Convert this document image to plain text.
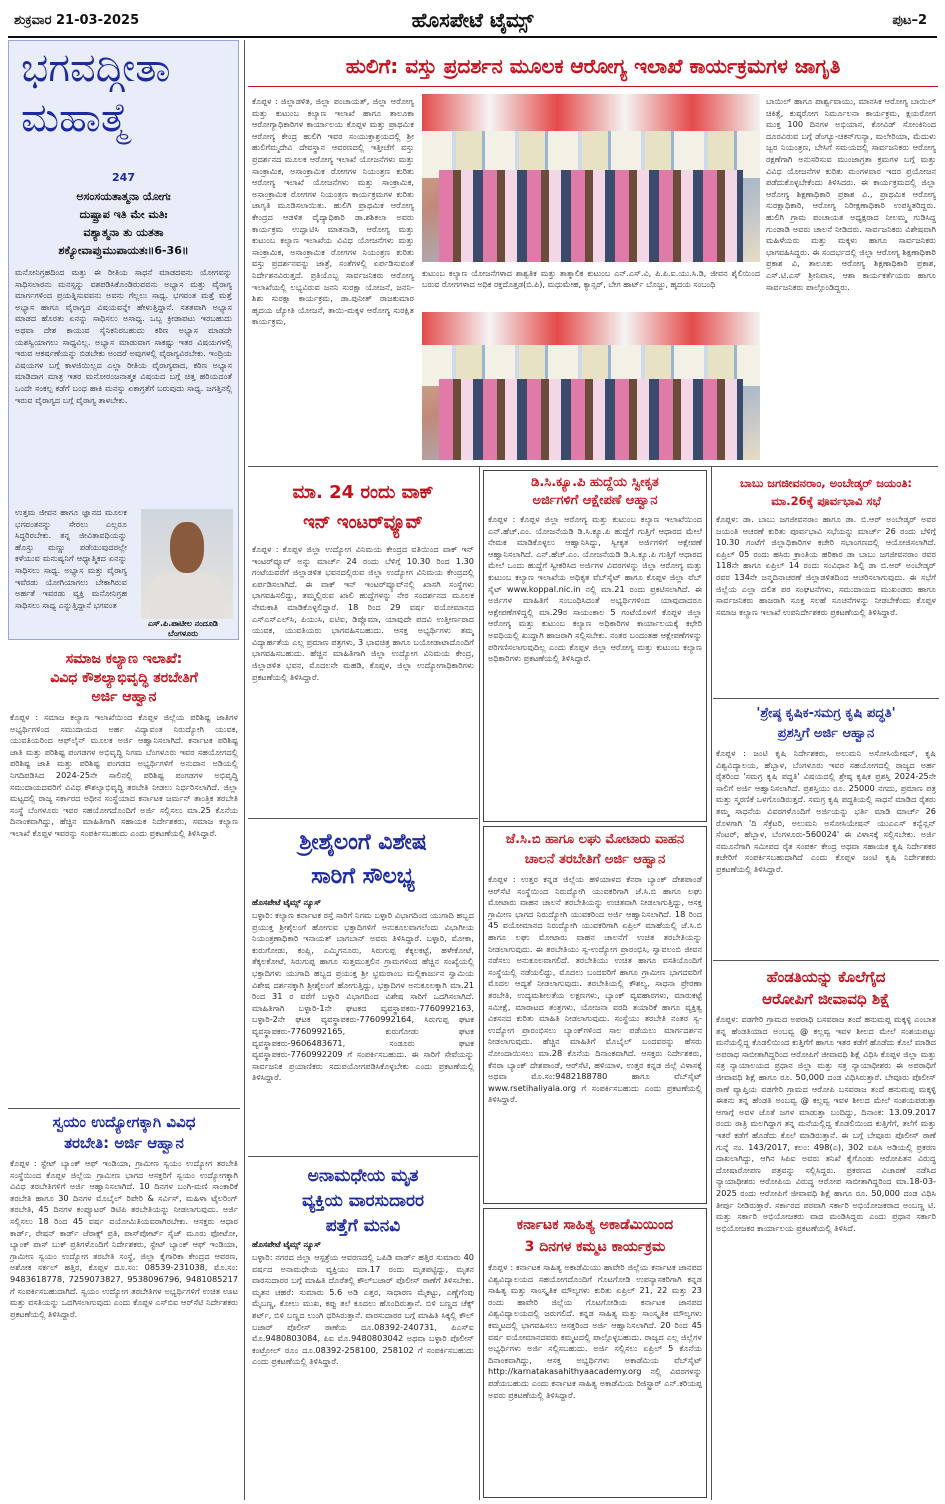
ಶುಕ್ರವಾರ 21-03-2025	ಹೊಸಪೇಟೆ ಟೈಮ್ಸ್	ಪುಟ–2
ಭಗವದ್ಗೀತಾ
ಮಹಾತ್ಮೆ
247
ಅಸಂಸಯತಾತ್ಮನಾ ಯೋಗಃ
ದುಷ್ಪ್ರಾಪ ಇತಿ ಮೇ ಮತಿಃ
ವಶ್ಯಾತ್ಮನಾ ತು ಯತತಾ
ಶಕ್ಯೋವಾಪ್ತುಮುಪಾಯತಃ॥6-36॥
ಮನೋನಿಗ್ರಹದಿಂದ ಮತ್ತು ಈ ರೀತಿಯ ಸಾಧನೆ ಮಾಡದವನು ಯೋಗವನ್ನು ಸಾಧಿಸಲಾರನು ಮನಸ್ಸನ್ನು ವಶಪಡಿಸಿಕೊಂಡಿರುವವನು ಅಭ್ಯಾಸ ಮತ್ತು ವೈರಾಗ್ಯ ಮಾರ್ಗಗಳಿಂದ ಪ್ರಯತ್ನಿಸುವವನು ಅವನು ಗೆಲ್ಲಲು ಸಾಧ್ಯ. ಭಗವಂತ ಮತ್ತೆ ಮತ್ತೆ ಅಭ್ಯಾಸ ಹಾಗೂ ವೈರಾಗ್ಯದ ವಿಷಯವನ್ನೇ ಹೇಳುತ್ತಿದ್ದಾನೆ. ಸತತವಾಗಿ ಅಭ್ಯಾಸ ಮಾಡದ ಹೊರತು ಏನನ್ನು ಸಾಧಿಸಲು ಅಸಾಧ್ಯ. ಒಬ್ಬ ಕ್ರೀಡಾಪಟು ಇರಬಹುದು ಅಥವಾ ದೇಶ ಕಾಯುವ ಸೈನಿಕನಿರಬಹುದು ಕಠಿಣ ಅಭ್ಯಾಸ ಮಾಡದೇ ಯಶಸ್ವಿಯಾಗಲು ಸಾಧ್ಯವಿಲ್ಲ. ಅಭ್ಯಾಸ ಮಾಡುವಾಗ ಸಾಕಷ್ಟು ಇತರ ವಿಷಯಗಳಲ್ಲಿ ಇರುವ ಆಕರ್ಷಣೆಯನ್ನು ಬಿಡಬೇಕು ಅಂದರೆ ಅವುಗಳಲ್ಲಿ ವೈರಾಗ್ಯವಿರಬೇಕು. ಇಂದ್ರಿಯ ವಿಷಯಗಳ ಬಗ್ಗೆ ಕಾಳಜಿಯಿಲ್ಲದ ಎಲ್ಲಾ ರೀತಿಯ ವೈರಾಗ್ಯವಾದ, ಕಠಿಣ ಅಭ್ಯಾಸ ಮಾಡಿದಾಗ ಮಾತ್ರ ಇತರ ಮನೋರಂಜನಾತ್ಮಕ ವಿಷಯದ ಬಗ್ಗೆ ಚಿತ್ತ ಹರಿಯದಂತೆ ಒಂದೇ ಸಂಕಲ್ಪ ಕಡೆಗೆ ಬಂಧ ಹಾಕಿ ಮನಸ್ಸು ಏಕಾಗ್ರತೆಗೆ ಬರುವುದು ಸಾಧ್ಯ. ಜಗತ್ತಿನಲ್ಲಿ ಇರುವ ವೈರಾಗ್ಯದ ಬಗ್ಗೆ ವೈರಾಗ್ಯ ತಾಳಬೇಕು.
ಉತ್ತಮ ಜೀವನ ಹಾಗೂ ಜ್ಞಾನದ ಮೂಲಕ ಭಗವಂತನನ್ನು ಸೇರಲು ಎಲ್ಲರೂ ಸಿದ್ಧರಿರಬೇಕು. ತನ್ನ ಜೀವಿತಾವಧಿಯನ್ನು ಹೊಸ್ತು ಮಣ್ಣು ಪಡೆಯುವುದರಲ್ಲೇ ಕಳೆಯುವ ಮನುಷ್ಯನಿಗೆ ಆಧ್ಯಾತ್ಮಿಕದ ಏನನ್ನು ಸಾಧಿಸಲು ಸಾಧ್ಯ. ಅಭ್ಯಾಸ ಮತ್ತು ವೈರಾಗ್ಯ ಇವೆರಡು ಯೋಗಿಯಾಗಲು ಬೇಕಾಗಿರುವ ಅರ್ಹತೆ ಇವರಡು ವ್ಯಕ್ತಿ ಮನೋನಿಗ್ರಹ ಸಾಧಿಸಲು ಸಾಧ್ಯ ಎನ್ನುತ್ತಿದ್ದಾನೆ ಭಗವಂತ
ಎಸ್.ಪಿ.ಪಾಟೀಲ ನಂದೂಡಿ
ಬೆಂಗಳೂರು
ಸಮಾಜ ಕಲ್ಯಾಣ ಇಲಾಖೆ:
ವಿವಿಧ ಕೌಶಲ್ಯಾಭಿವೃದ್ಧಿ ತರಬೇತಿಗೆ
ಅರ್ಜಿ ಆಹ್ವಾನ
ಕೊಪ್ಪಳ : ಸಮಾಜ ಕಲ್ಯಾಣ ಇಲಾಖೆಯಿಂದ ಕೊಪ್ಪಳ ಜಿಲ್ಲೆಯ ಪರಿಶಿಷ್ಟ ಜಾತಿಗಳ ಅಭ್ಯರ್ಥಿಗಳಿಂದ ಸಮುದಾಯದ ಅರ್ಹ ವಿದ್ಯಾವಂತ ನಿರುದ್ಯೋಗಿ ಯುವಕ, ಯುವತಿಯರಿಂದ ಆಫ್‌ಲೈನ್ ಮೂಲಕ ಅರ್ಜಿ ಆಹ್ವಾನಿಸಲಾಗಿದೆ. ಕರ್ನಾಟಕ ಪರಿಶಿಷ್ಟ ಜಾತಿ ಮತ್ತು ಪರಿಶಿಷ್ಟ ಪಂಗಡಗಳ ಅಭಿವೃದ್ಧಿ ನಿಗಮ ಬೆಂಗಳೂರು ಇವರ ಸಹಯೋಗದಲ್ಲಿ ಪರಿಶಿಷ್ಟ ಜಾತಿ ಮತ್ತು ಪರಿಶಿಷ್ಟ ಪಂಗಡದ ಅಭ್ಯರ್ಥಿಗಳಿಗೆ ಅನುದಾನ ಅಡಿಯಲ್ಲಿ ನಿಗದಿಪಡಿಸಿದ 2024-25ನೇ ಸಾಲಿನಲ್ಲಿ ಪರಿಶಿಷ್ಟ ಪಂಗಡಗಳ ಅಭಿವೃದ್ಧಿ ಸಮುದಾಯದವರಿಗೆ ವಿವಿಧ ಕೌಶಲ್ಯಾಭಿವೃದ್ಧಿ ತರಬೇತಿ ನೀಡಲು ನಿರ್ಧರಿಸಲಾಗಿದೆ. ಜಿಲ್ಲಾ ಮಟ್ಟದಲ್ಲಿ ರಾಜ್ಯ ಸರ್ಕಾರದ ಅಧೀನ ಸಂಸ್ಥೆಯಾದ ಕರ್ನಾಟಕ ಜರ್ಮನ್ ತಾಂತ್ರಿಕ ತರಬೇತಿ ಸಂಸ್ಥೆ ಬೆಂಗಳೂರು ಇವರ ಸಹಯೋಗದೊಂದಿಗೆ ಅರ್ಜಿ ಸಲ್ಲಿಸಲು ಮಾ.25 ಕೊನೆಯ ದಿನಾಂಕವಾಗಿದ್ದು, ಹೆಚ್ಚಿನ ಮಾಹಿತಿಗಾಗಿ ಸಹಾಯಕ ನಿರ್ದೇಶಕರು, ಸಮಾಜ ಕಲ್ಯಾಣ ಇಲಾಖೆ ಕೊಪ್ಪಳ ಇವರನ್ನು ಸಂಪರ್ಕಿಸಬಹುದು ಎಂದು ಪ್ರಕಟಣೆಯಲ್ಲಿ ತಿಳಿಸಿದ್ದಾರೆ.
ಸ್ವಯಂ ಉದ್ಯೋಗಕ್ಕಾಗಿ ವಿವಿಧ
ತರಬೇತಿ: ಅರ್ಜಿ ಆಹ್ವಾನ
ಕೊಪ್ಪಳ : ಸ್ಟೇಟ್ ಬ್ಯಾಂಕ್ ಆಫ್ ಇಂಡಿಯಾ, ಗ್ರಾಮೀಣ ಸ್ವಯಂ ಉದ್ಯೋಗ ತರಬೇತಿ ಸಂಸ್ಥೆಯಿಂದ ಕೊಪ್ಪಳ ಜಿಲ್ಲೆಯ ಗ್ರಾಮೀಣ ಭಾಗದ ಆಸಕ್ತರಿಗೆ ಸ್ವಯಂ ಉದ್ಯೋಗಕ್ಕಾಗಿ ವಿವಿಧ ತರಬೇತಿಗಳಿಗೆ ಅರ್ಜಿ ಆಹ್ವಾನಿಸಲಾಗಿದೆ. 10 ದಿನಗಳ ಬಂಗಿ-ಮಣಿ ಸಾಂಕಾರಿಕೆ ತರಬೇತಿ ಹಾಗೂ 30 ದಿನಗಳ ಮೊಬೈಲ್ ರಿಪೇರಿ & ಸರ್ವಿಸ್, ಮಹಿಳಾ ಟೈಲರಿಂಗ್ ತರಬೇತಿ, 45 ದಿನಗಳ ಕಂಪ್ಯೂಟರ್ ಡಿಟಿಪಿ ತರಬೇತಿಯನ್ನು ನೀಡಲಾಗುವುದು. ಅರ್ಜಿ ಸಲ್ಲಿಸಲು 18 ರಿಂದ 45 ವರ್ಷ ವಯೋಮಿತಿಯವರಾಗಿರಬೇಕು. ಆಸಕ್ತರು ಆಧಾರ ಕಾರ್ಡ್, ರೇಷನ್ ಕಾರ್ಡ್ ಜೆರಾಕ್ಸ್ ಪ್ರತಿ, ಪಾಸ್‌ಪೋರ್ಟ್ ಸೈಜ್ ಮೂರು ಫೋಟೋ, ಬ್ಯಾಂಕ್ ಪಾಸ್ ಬುಕ್ ಪ್ರತಿಗಳೊಂದಿಗೆ ನಿರ್ದೇಶಕರು, ಸ್ಟೇಟ್ ಬ್ಯಾಂಕ್ ಆಫ್ ಇಂಡಿಯಾ, ಗ್ರಾಮೀಣ ಸ್ವಯಂ ಉದ್ಯೋಗ ತರಬೇತಿ ಸಂಸ್ಥೆ, ಜಿಲ್ಲಾ ಕೈಗಾರಿಕಾ ಕೇಂದ್ರದ ಆವರಣ, ಅಶೋಕ ಸರ್ಕಲ್ ಹತ್ತಿರ, ಕೊಪ್ಪಳ ದೂ.ಸಂ: 08539-231038, ಮೊ.ಸಂ: 9483618778, 7259073827, 9538096796, 9481085217 ಗೆ ಸಂಪರ್ಕಿಸಬಹುದಾಗಿದೆ. ಸ್ವಯಂ ಉದ್ಯೋಗ ತರಬೇತಿಗಳ ಅಭ್ಯರ್ಥಿಗಳಿಗೆ ಉಚಿತ ಊಟ ಮತ್ತು ವಸತಿಯನ್ನು ಒದಗಿಸಲಾಗುವುದು ಎಂದು ಕೊಪ್ಪಳ ಎಸ್‌ಬಿಐ ಆರ್‌ಸೆಟಿ ನಿರ್ದೇಶಕರು ಪ್ರಕಟಣೆಯಲ್ಲಿ ತಿಳಿಸಿದ್ದಾರೆ.
ಹುಲಿಗೆ: ವಸ್ತು ಪ್ರದರ್ಶನ ಮೂಲಕ ಆರೋಗ್ಯ ಇಲಾಖೆ ಕಾರ್ಯಕ್ರಮಗಳ ಜಾಗೃತಿ
ಕೊಪ್ಪಳ : ಜಿಲ್ಲಾಡಳಿತ, ಜಿಲ್ಲಾ ಪಂಚಾಯತ್, ಜಿಲ್ಲಾ ಆರೋಗ್ಯ ಮತ್ತು ಕುಟುಂಬ ಕಲ್ಯಾಣ ಇಲಾಖೆ ಹಾಗೂ ತಾಲೂಕಾ ಆರೋಗ್ಯಾಧಿಕಾರಿಗಳ ಕಾರ್ಯಾಲಯ ಕೊಪ್ಪಳ ಮತ್ತು ಪ್ರಾಥಮಿಕ ಆರೋಗ್ಯ ಕೇಂದ್ರ ಹುಲಿಗಿ ಇವರ ಸಂಯುಕ್ತಾಶ್ರಯದಲ್ಲಿ ಶ್ರೀ ಹುಲಿಗೆಮ್ಮದೇವಿ ದೇವಸ್ಥಾನ ಆವರಣದಲ್ಲಿ ಇತ್ತೀಚೆಗೆ ವಸ್ತು ಪ್ರದರ್ಶನದ ಮೂಲಕ ಆರೋಗ್ಯ ಇಲಾಖೆ ಯೋಜನೆಗಳು ಮತ್ತು ಸಾಂಕ್ರಾಮಿಕ, ಅಸಾಂಕ್ರಾಮಿಕ ರೋಗಗಳ ನಿಯಂತ್ರಣ ಕುರಿತು ಆರೋಗ್ಯ ಇಲಾಖೆ ಯೋಜನೆಗಳು ಮತ್ತು ಸಾಂಕ್ರಾಮಿಕ, ಅಸಾಂಕ್ರಾಮಿಕ ರೋಗಗಳ ನಿಯಂತ್ರಣ ಕಾರ್ಯಕ್ರಮಗಳ ಕುರಿತು ಜಾಗೃತಿ ಮೂಡಿಸಲಾಯಿತು. ಹುಲಿಗಿ ಪ್ರಾಥಮಿಕ ಆರೋಗ್ಯ ಕೇಂದ್ರದ ಆಡಳಿತ ವೈದ್ಯಾಧಿಕಾರಿ ಡಾ.ಶಶಿಕಲಾ ಅವರು ಕಾರ್ಯಕ್ರಮ ಉದ್ಘಾಟಿಸಿ ಮಾತನಾಡಿ, ಆರೋಗ್ಯ ಮತ್ತು ಕುಟುಂಬ ಕಲ್ಯಾಣ ಇಲಾಖೆಯ ವಿವಿಧ ಯೋಜನೆಗಳು ಮತ್ತು ಸಾಂಕ್ರಾಮಿಕ, ಅಸಾಂಕ್ರಾಮಿಕ ರೋಗಗಳ ನಿಯಂತ್ರಣ ಕುರಿತು ವಸ್ತು ಪ್ರದರ್ಶನವನ್ನು ಜಾತ್ರೆ, ಸಂತೆಗಳಲ್ಲಿ ಏರ್ಪಡಿಸುವಂತೆ ನಿರ್ದೇಶನವಿರುತ್ತದೆ. ಪ್ರತಿಯೊಬ್ಬ ಸಾರ್ವಜನಿಕರು ಆರೋಗ್ಯ ಇಲಾಖೆಯಲ್ಲಿ ಲಭ್ಯವಿರುವ ಜನನಿ ಸುರಕ್ಷಾ ಯೋಜನೆ, ಜನನಿ-ಶಿಶು ಸುರಕ್ಷಾ ಕಾರ್ಯಕ್ರಮ, ಡಾ.ಪುನೀತ್ ರಾಜಕುಮಾರ ಹೃದಯ ಜ್ಯೋತಿ ಯೋಜನೆ, ತಾಯಿ-ಮಕ್ಕಳ ಆರೋಗ್ಯ ಸುರಕ್ಷಿತ ಕಾರ್ಯಕ್ರಮ,
ಕುಟುಂಬ ಕಲ್ಯಾಣ ಯೋಜನೆಗಳಾದ ಶಾಶ್ವತಿಕ ಮತ್ತು ತಾತ್ಕಾಲಿಕ ಕುಟುಂಬ ಎನ್.ಎಸ್.ವಿ, ಪಿ.ಪಿ.ಐ.ಯು.ಸಿ.ಡಿ, ಜೀವನ ಶೈಲಿಯಿಂದ ಬರುವ ರೋಗಗಳಾದ ಅಧಿಕ ರಕ್ತದೊತ್ತಡ(ಬಿ.ಪಿ), ಮಧುಮೇಹ, ಕ್ಯಾನ್ಸರ್, ಬೇಗ ಹಾರ್ಟ್ ಬೊಜ್ಜು, ಹೃದಯ ಸಂಬಂಧಿ
ಬಾಯಿಲ್ ಹಾಗೂ ಪಾರ್ಶ್ವವಾಯು, ಮಾನಸಿಕ ಆರೋಗ್ಯ ಬಾಯಿಲ್ ಚಿಕಿತ್ಸೆ, ಕುಷ್ಠರೋಗ ನಿರ್ಮೂಲನಾ ಕಾರ್ಯಕ್ರಮ, ಕ್ಷಯರೋಗ ಮುಕ್ತ 100 ದಿನಗಳ ಅಭಿಯಾನ, ಕೋವಿಡ್ ಸೋಂಕಿನಿಂದ ದೂರವಿರುವ ಬಗ್ಗೆ ಡೆಂಗ್ಯೂ-ಚಿಕನ್‌ಗುನ್ಯಾ, ಮಲೇರಿಯಾ, ಮೆದುಳು ಜ್ವರ ನಿಯಂತ್ರಣ, ಬೇಸಿಗೆ ಸಮಯದಲ್ಲಿ ಸಾರ್ವಜನಿಕರು ಆರೋಗ್ಯ ರಕ್ಷಣೆಗಾಗಿ ಅನುಸರಿಸುವ ಮುಂಜಾಗ್ರತಾ ಕ್ರಮಗಳ ಬಗ್ಗೆ ಮತ್ತು ವಿವಿಧ ಯೋಜನೆಗಳ ಕುರಿತು ಮಂಗಳವಾರ ಇದರ ಪ್ರಯೋಜನ ಪಡೆದುಕೊಳ್ಳಬೇಕೆಂದು ತಿಳಿಸಿದರು. ಈ ಕಾರ್ಯಕ್ರಮದಲ್ಲಿ ಜಿಲ್ಲಾ ಆರೋಗ್ಯ ಶಿಕ್ಷಣಾಧಿಕಾರಿ ಪ್ರಕಾಶ ವಿ., ಪ್ರಾಥಮಿಕ ಆರೋಗ್ಯ ಸುರಕ್ಷಾಧಿಕಾರಿ, ಆರೋಗ್ಯ ನಿರೀಕ್ಷಣಾಧಿಕಾರಿ ಉಪಸ್ಥಿತರಿದ್ದರು. ಹುಲಿಗಿ ಗ್ರಾಮ ಪಂಚಾಯತ ಅಧ್ಯಕ್ಷರಾದ ನೀಲಮ್ಮ ಗುಡಿಸಿದ್ದ ಗುಂಡಾಡಿ ಅವರು ಚಾಲನೆ ನೀಡಿದರು. ಸಾರ್ವಜನಿಕರು ವಿಶೇಷವಾಗಿ ಮಹಿಳೆಯರು ಮತ್ತು ಮಕ್ಕಳು ಹಾಗೂ ಸಾರ್ವಜನಿಕರು ಭಾಗವಹಿಸಿದ್ದರು. ಈ ಸಂದರ್ಭದಲ್ಲಿ ಜಿಲ್ಲಾ ಆರೋಗ್ಯ ಶಿಕ್ಷಣಾಧಿಕಾರಿ ಪ್ರಕಾಶ ವಿ, ತಾಲೂಕು ಆರೋಗ್ಯ ಶಿಕ್ಷಣಾಧಿಕಾರಿ ಪ್ರಕಾಶ, ಎಸ್.ಟಿ.ಎಸ್ ಶ್ರೀನಿವಾಸ, ಆಶಾ ಕಾರ್ಯಕರ್ತೆಯರು ಹಾಗೂ ಸಾರ್ವಜನಿಕರು ಪಾಲ್ಗೊಂಡಿದ್ದರು.
ಮಾ. 24 ರಂದು ವಾಕ್
ಇನ್ ಇಂಟರ್‌ವ್ಯೂವ್
ಕೊಪ್ಪಳ : ಕೊಪ್ಪಳ ಜಿಲ್ಲಾ ಉದ್ಯೋಗ ವಿನಿಮಯ ಕೇಂದ್ರದ ವತಿಯಿಂದ ವಾಕ್ ಇನ್ ಇಂಟರ್‌ವ್ಯೂವ್ ಅನ್ನು ಮಾರ್ಚ್ 24 ರಂದು ಬೆಳಿಗ್ಗೆ 10.30 ರಿಂದ 1.30 ಗಂಟೆಯವರೆಗೆ ಜಿಲ್ಲಾಡಳಿತ ಭವನದಲ್ಲಿರುವ ಜಿಲ್ಲಾ ಉದ್ಯೋಗ ವಿನಿಮಯ ಕೇಂದ್ರದಲ್ಲಿ ಏರ್ಪಡಿಸಲಾಗಿದೆ. ಈ ವಾಕ್ ಇನ್ ಇಂಟರ್‌ವ್ಯೂವ್‌ನಲ್ಲಿ ಖಾಸಗಿ ಸಂಸ್ಥೆಗಳು ಭಾಗವಹಿಸಲಿದ್ದು, ತಮ್ಮಲ್ಲಿರುವ ಖಾಲಿ ಹುದ್ದೆಗಳನ್ನು ನೇರ ಸಂದರ್ಶನದ ಮೂಲಕ ನೇಮಕಾತಿ ಮಾಡಿಕೊಳ್ಳಲಿದ್ದಾರೆ. 18 ರಿಂದ 29 ವರ್ಷ ವಯೋಮಾನದ ಎಸ್ಎಸ್ಎಲ್‌ಸಿ, ಪಿಯುಸಿ, ಐಟಿಐ, ಡಿಪ್ಲೊಮಾ, ಯಾವುದೇ ಪದವಿ ಉತ್ತೀರ್ಣರಾದ ಯುವಕ, ಯುವತಿಯರು ಭಾಗವಹಿಸಬಹುದು. ಆಸಕ್ತ ಅಭ್ಯರ್ಥಿಗಳು ತಮ್ಮ ವಿದ್ಯಾರ್ಹತೆಯ ಎಲ್ಲ ಪ್ರಮಾಣ ಪತ್ರಗಳು, 3 ಭಾವಚಿತ್ರ ಹಾಗೂ ಬಯೋಡಾಟಾದೊಂದಿಗೆ ಭಾಗವಹಿಸಬಹುದು. ಹೆಚ್ಚಿನ ಮಾಹಿತಿಗಾಗಿ ಜಿಲ್ಲಾ ಉದ್ಯೋಗ ವಿನಿಮಯ ಕೇಂದ್ರ, ಜಿಲ್ಲಾಡಳಿತ ಭವನ, ಮೊದಲನೇ ಮಹಡಿ, ಕೊಪ್ಪಳ, ಜಿಲ್ಲಾ ಉದ್ಯೋಗಾಧಿಕಾರಿಗಳು ಪ್ರಕಟಣೆಯಲ್ಲಿ ತಿಳಿಸಿದ್ದಾರೆ.
ಶ್ರೀಶೈಲಂಗೆ ವಿಶೇಷ
ಸಾರಿಗೆ ಸೌಲಭ್ಯ
ಹೊಸಪೇಟೆ ಟೈಮ್ಸ್ ನ್ಯೂಸ್
ಬಳ್ಳಾರಿ: ಕಲ್ಯಾಣ ಕರ್ನಾಟಕ ರಸ್ತೆ ಸಾರಿಗೆ ನಿಗಮ ಬಳ್ಳಾರಿ ವಿಭಾಗದಿಂದ ಯುಗಾದಿ ಹಬ್ಬದ ಪ್ರಯುಕ್ತ ಶ್ರೀಶೈಲಂಗೆ ಹೋಗುವ ಭಕ್ತಾದಿಗಳಿಗೆ ಅನುಕೂಲವಾಗಲೆಂದು ವಿಭಾಗೀಯ ನಿಯಂತ್ರಣಾಧಿಕಾರಿ ಇನಾಯತ್ ಬಾಗಬಾನ್ ಅವರು ತಿಳಿಸಿದ್ದಾರೆ. ಬಳ್ಳಾರಿ, ಮೋಕಾ, ಕುರುಗೋಡು, ಕಂಪ್ಲಿ, ಎಮ್ಮಿಗನೂರು, ಸಿರುಗುಪ್ಪ ಕೆಕ್ಕಲಕಟ್ಟೆ, ಹಳೇಕೋಟೆ, ತೆಕ್ಕಲಕೋಟೆ, ಸಿರುಗುಪ್ಪ ಹಾಗೂ ಸುತ್ತಮುತ್ತಲಿನ ಗ್ರಾಮಗಳಿಂದ ಹೆಚ್ಚಿನ ಸಂಖ್ಯೆಯಲ್ಲಿ ಭಕ್ತಾದಿಗಳು ಯುಗಾದಿ ಹಬ್ಬದ ಪ್ರಯುಕ್ತ ಶ್ರೀ ಭ್ರಮರಾಂಬ ಮಲ್ಲಿಕಾರ್ಜುನ ಸ್ವಾಮಿಯ ವಿಶೇಷ ದರ್ಶನಕ್ಕಾಗಿ ಶ್ರೀಶೈಲಂಗೆ ಹೋಗುತ್ತಿದ್ದು, ಭಕ್ತಾದಿಗಳ ಅನುಕೂಲಕ್ಕಾಗಿ ಮಾ.21 ರಿಂದ 31 ರ ವರೆಗೆ ಬಳ್ಳಾರಿ ವಿಭಾಗದಿಂದ ವಿಶೇಷ ಸಾರಿಗೆ ಒದಗಿಸಲಾಗಿದೆ. ಮಾಹಿತಿಗಾಗಿ ಬಳ್ಳಾರಿ-1ನೇ ಘಟಕದ ವ್ಯವಸ್ಥಾಪಕರು-7760992163, ಬಳ್ಳಾರಿ-2ನೇ ಘಟಕ ವ್ಯವಸ್ಥಾಪಕರು-7760992164, ಸಿರುಗುಪ್ಪ ಘಟಕ ವ್ಯವಸ್ಥಾಪಕರು-7760992165, ಕುರುಗೋಡು ಘಟಕ ವ್ಯವಸ್ಥಾಪಕರು-9606483671, ಸಂಡೂರು ಘಟಕ ವ್ಯವಸ್ಥಾಪಕರು-7760992209 ಗೆ ಸಂಪರ್ಕಿಸಬಹುದು. ಈ ಸಾರಿಗೆ ಸೇವೆಯನ್ನು ಸಾರ್ವಜನಿಕ ಪ್ರಯಾಣಿಕರು ಸದುಪಯೋಗಪಡಿಸಿಕೊಳ್ಳಬೇಕು ಎಂದು ಪ್ರಕಟಣೆಯಲ್ಲಿ ತಿಳಿಸಿದ್ದಾರೆ.
ಅನಾಮಧೇಯ ಮೃತ
ವ್ಯಕ್ತಿಯ ವಾರಸುದಾರರ
ಪತ್ತೆಗೆ ಮನವಿ
ಹೊಸಪೇಟೆ ಟೈಮ್ಸ್ ನ್ಯೂಸ್
ಬಳ್ಳಾರಿ: ನಗರದ ಜಿಲ್ಲಾ ಆಸ್ಪತ್ರೆಯ ಆವರಣದಲ್ಲಿ ಒಪಿಡಿ ವಾರ್ಡ್ ಹತ್ತಿರ ಸುಮಾರು 40 ವರ್ಷದ ಅನಾಮಧೇಯ ವ್ಯಕ್ತಿಯು ಮಾ.17 ರಂದು ಮೃತಪಟ್ಟಿದ್ದು, ಮೃತನ ವಾರಸುದಾರರ ಬಗ್ಗೆ ಮಾಹಿತಿ ದೊರೆತಲ್ಲಿ ಕೌಲ್‌ಬಜಾರ್ ಪೊಲೀಸ್ ಠಾಣೆಗೆ ತಿಳಿಸಬೇಕು. ಮೃತನ ಚಹರೆ: ಸುಮಾರು 5.6 ಅಡಿ ಎತ್ತರ, ಸಾಧಾರಣ ಮೈಕಟ್ಟು, ಎಣ್ಣೆಗೆಂಪು ಮೈಬಣ್ಣ, ಕೋಲು ಮುಖ, ಕಪ್ಪು ತಲೆ ಕೂದಲು ಹೊಂದಿರುತ್ತಾನೆ. ಬಿಳಿ ಬಣ್ಣದ ಚೆಕ್ಸ್ ಶರ್ಟ್, ಬಿಳಿ ಬಣ್ಣದ ಲುಂಗಿ ಧರಿಸಿರುತ್ತಾನೆ. ವಾರಸುದಾರರ ಬಗ್ಗೆ ಮಾಹಿತಿ ಸಿಕ್ಕಲ್ಲಿ ಕೌಲ್ ಬಜಾರ್ ಪೊಲೀಸ್ ಠಾಣೆಯ ದೂ.08392-240731, ಪಿಎಸ್‌ಐ ಮೊ.9480803084, ಪಿಐ ಮೊ.9480803042 ಅಥವಾ ಬಳ್ಳಾರಿ ಪೊಲೀಸ್ ಕಂಟ್ರೋಲ್ ರೂಂ ದೂ.08392-258100, 258102 ಗೆ ಸಂಪರ್ಕಿಸಬಹುದು ಎಂದು ಪ್ರಕಟಣೆಯಲ್ಲಿ ತಿಳಿಸಿದ್ದಾರೆ.
ಡಿ.ಸಿ.ಕ್ಯೂ.ಪಿ ಹುದ್ದೆಯ ಸ್ವೀಕೃತ
ಅರ್ಜಿಗಳಿಗೆ ಆಕ್ಷೇಪಣೆ ಆಹ್ವಾನ
ಕೊಪ್ಪಳ : ಕೊಪ್ಪಳ ಜಿಲ್ಲಾ ಆರೋಗ್ಯ ಮತ್ತು ಕುಟುಂಬ ಕಲ್ಯಾಣ ಇಲಾಖೆಯಿಂದ ಎನ್.ಹೆಚ್.ಎಂ. ಯೋಜನೆಯಡಿ ಡಿ.ಸಿ.ಕ್ಯೂ.ಪಿ ಹುದ್ದೆಗೆ ಗುತ್ತಿಗೆ ಆಧಾರದ ಮೇಲೆ ನೇಮಕ ಮಾಡಿಕೊಳ್ಳಲು ಆಹ್ವಾನಿಸಿದ್ದು, ಸ್ವೀಕೃತ ಅರ್ಜಿಗಳಿಗೆ ಆಕ್ಷೇಪಣೆ ಆಹ್ವಾನಿಸಲಾಗಿದೆ. ಎನ್.ಹೆಚ್.ಎಂ. ಯೋಜನೆಯಡಿ ಡಿ.ಸಿ.ಕ್ಯೂ.ಪಿ ಗುತ್ತಿಗೆ ಆಧಾರದ ಮೇಲೆ ಒಂದು ಹುದ್ದೆಗೆ ಸ್ವೀಕರಿಸಿದ ಅರ್ಜಿಗಳ ವಿವರಗಳನ್ನು ಜಿಲ್ಲಾ ಆರೋಗ್ಯ ಮತ್ತು ಕುಟುಂಬ ಕಲ್ಯಾಣ ಇಲಾಖೆಯ ಅಧಿಕೃತ ವೆಬ್‌ಸೈಟ್ ಹಾಗೂ ಕೊಪ್ಪಳ ಜಿಲ್ಲಾ ವೆಬ್ ಸೈಟ್ www.koppal.nic.in ನಲ್ಲಿ ಮಾ.21 ರಂದು ಪ್ರಕಟಿಸಲಾಗಿದೆ. ಈ ಅರ್ಜಿಗಳ ಮಾಹಿತಿಗೆ ಸಂಬಂಧಿಸಿದಂತೆ ಅಭ್ಯರ್ಥಿಗಳಿಂದ ಯಾವುದಾದರೂ ಆಕ್ಷೇಪಣೆಗಳಿದ್ದಲ್ಲಿ ಮಾ.29ರ ಸಾಯಂಕಾಲ 5 ಗಂಟೆಯೊಳಗೆ ಕೊಪ್ಪಳ ಜಿಲ್ಲಾ ಆರೋಗ್ಯ ಮತ್ತು ಕುಟುಂಬ ಕಲ್ಯಾಣ ಅಧಿಕಾರಿಗಳ ಕಾರ್ಯಾಲಯಕ್ಕೆ ಕಛೇರಿ ಅವಧಿಯಲ್ಲಿ ಖುದ್ದಾಗಿ ಹಾಜರಾಗಿ ಸಲ್ಲಿಸಬೇಕು. ನಂತರ ಬಂದಂತಹ ಆಕ್ಷೇಪಣೆಗಳನ್ನು ಪರಿಗಣಿಸಲಾಗುವುದಿಲ್ಲ ಎಂದು ಕೊಪ್ಪಳ ಜಿಲ್ಲಾ ಆರೋಗ್ಯ ಮತ್ತು ಕುಟುಂಬ ಕಲ್ಯಾಣ ಅಧಿಕಾರಿಗಳು ಪ್ರಕಟಣೆಯಲ್ಲಿ ತಿಳಿಸಿದ್ದಾರೆ.
ಜೆ.ಸಿ.ಬಿ ಹಾಗೂ ಲಘು ಮೋಟಾರು ವಾಹನ
ಚಾಲನೆ ತರಬೇತಿಗೆ ಅರ್ಜಿ ಆಹ್ವಾನ
ಕೊಪ್ಪಳ : ಉತ್ತರ ಕನ್ನಡ ಜಿಲ್ಲೆಯ ಹಳಿಯಾಳದ ಕೆನರಾ ಬ್ಯಾಂಕ್ ದೇಶಪಾಂಡೆ ಆರ್‌ಸೆಟಿ ಸಂಸ್ಥೆಯಿಂದ ನಿರುದ್ಯೋಗಿ ಯುವಕರಿಗಾಗಿ ಜೆ.ಸಿ.ಬಿ ಹಾಗೂ ಲಘು ಮೋಟಾರು ವಾಹನ ಚಾಲನೆ ತರಬೇತಿಯನ್ನು ಉಚಿತವಾಗಿ ನೀಡಲಾಗುತ್ತಿದ್ದು, ಆಸಕ್ತ ಗ್ರಾಮೀಣ ಭಾಗದ ನಿರುದ್ಯೋಗಿ ಯುವಕರಿಂದ ಅರ್ಜಿ ಆಹ್ವಾನಿಸಲಾಗಿದೆ. 18 ರಿಂದ 45 ವಯೋಮಾನದ ನಿರುದ್ಯೋಗಿ ಯುವಕರಿಗಾಗಿ ಏಪ್ರಿಲ್ ಮಾಹೆಯಲ್ಲಿ ಜೆ.ಸಿ.ಬಿ ಹಾಗೂ ಲಘು ಮೋಟಾರು ವಾಹನ ಚಾಲನೆಗೆ ಉಚಿತ ತರಬೇತಿಯನ್ನು ನೀಡಲಾಗುವುದು. ಈ ತರಬೇತಿಯು ಸ್ವ-ಉದ್ಯೋಗ ಪ್ರಾರಂಭಿಸಿ, ಸ್ವಾವಲಂಬಿ ಜೀವನ ನಡೆಸಲು ಅನುಕೂಲವಾಗಲಿದೆ. ತರಬೇತಿಯು ಉಚಿತ ಹಾಗೂ ವಸತಿಯೊಂದಿಗೆ ಸಂಸ್ಥೆಯಲ್ಲಿ ನಡೆಯಲಿದ್ದು, ಮೊದಲು ಬಂದವರಿಗೆ ಹಾಗೂ ಗ್ರಾಮೀಣ ಭಾಗದವರಿಗೆ ಮೊದಲ ಆದ್ಯತೆ ನೀಡಲಾಗುವುದು. ತರಬೇತಿಯಲ್ಲಿ ಕೌಶಲ್ಯ, ಸಾಧನಾ ಪ್ರೇರಣಾ ತರಬೇತಿ, ಉದ್ಯಮಶೀಲತೆಯ ಲಕ್ಷಣಗಳು, ಬ್ಯಾಂಕ್ ವ್ಯವಹಾರಗಳು, ಮಾರುಕಟ್ಟೆ ಸಮೀಕ್ಷೆ, ಮಾರಾಟದ ತಂತ್ರಗಳು, ಯೋಜನಾ ವರದಿ ತಯಾರಿಕೆ ಹಾಗೂ ವ್ಯಕ್ತಿತ್ವ ವಿಕಸನದ ಕುರಿತು ಮಾಹಿತಿ ನೀಡಲಾಗುವುದು. ಸಂಸ್ಥೆಯು ತರಬೇತಿ ನಂತರ ಸ್ವ-ಉದ್ಯೋಗ ಪ್ರಾರಂಭಿಸಲು ಬ್ಯಾಂಕ್‌ಗಳಿಂದ ಸಾಲ ಪಡೆಯಲು ಮಾರ್ಗದರ್ಶನ ನೀಡಲಾಗುವುದು. ಹೆಚ್ಚಿನ ಮಾಹಿತಿಗೆ ಮೊಬೈಲ್ ಬಂದವರನ್ನು ಹೆಸರು ನೋಂದಾಯಿಸಲು ಮಾ.28 ಕೊನೆಯ ದಿನಾಂಕವಾಗಿದೆ. ಆಸಕ್ತರು ನಿರ್ದೇಶಕರು, ಕೆನರಾ ಬ್ಯಾಂಕ್ ದೇಶಪಾಂಡೆ, ಆರ್‌ಸೆಟಿ, ಹಳಿಯಾಳ, ಉತ್ತರ ಕನ್ನಡ ಜಿಲ್ಲೆ ವಿಳಾಸಕ್ಕೆ ಅಥವಾ ಮೊ.ಸಂ:9482188780 ಹಾಗೂ ವೆಬ್‌ಸೈಟ್ www.rsetihaliyala.org ಗೆ ಸಂಪರ್ಕಿಸಬಹುದು ಎಂದು ಪ್ರಕಟಣೆಯಲ್ಲಿ ತಿಳಿಸಿದ್ದಾರೆ.
ಕರ್ನಾಟಕ ಸಾಹಿತ್ಯ ಅಕಾಡೆಮಿಯಿಂದ
3 ದಿನಗಳ ಕಮ್ಮಟ ಕಾರ್ಯಕ್ರಮ
ಕೊಪ್ಪಳ : ಕರ್ನಾಟಕ ಸಾಹಿತ್ಯ ಅಕಾಡೆಮಿಯು ಹಾವೇರಿ ಜಿಲ್ಲೆಯ ಕರ್ನಾಟಕ ಜಾನಪದ ವಿಶ್ವವಿದ್ಯಾಲಯದ ಸಹಯೋಗದೊಂದಿಗೆ ಗೊಟಗೋಡಿ ಉಪನ್ಯಾಸಕರಿಗಾಗಿ ಕನ್ನಡ ಸಾಹಿತ್ಯ ಮತ್ತು ಸಾಂಸ್ಕೃತಿಕ ಮೌಲ್ಯಗಳು ಕುರಿತು ಏಪ್ರಿಲ್ 21, 22 ಮತ್ತು 23 ರಂದು ಹಾವೇರಿ ಜಿಲ್ಲೆಯ ಗೊಟಗೋಡಿಯ ಕರ್ನಾಟಕ ಜಾನಪದ ವಿಶ್ವವಿದ್ಯಾಲಯದಲ್ಲಿ ಜರುಗಲಿದೆ. ಕನ್ನಡ ಸಾಹಿತ್ಯ ಮತ್ತು ಸಾಂಸ್ಕೃತಿಕ ಮೌಲ್ಯಗಳು ಕಮ್ಮಟದಲ್ಲಿ ಭಾಗವಹಿಸಲು ಆಸಕ್ತರಿಂದ ಅರ್ಜಿ ಆಹ್ವಾನಿಸಲಾಗಿದೆ. 20 ರಿಂದ 45 ವರ್ಷ ವಯೋಮಾನದವರು ಕಮ್ಮಟದಲ್ಲಿ ಪಾಲ್ಗೊಳ್ಳಬಹುದು. ರಾಜ್ಯದ ಎಲ್ಲ ಜಿಲ್ಲೆಗಳ ಅಭ್ಯರ್ಥಿಗಳು ಅರ್ಜಿ ಸಲ್ಲಿಸಬಹುದು. ಅರ್ಜಿ ಸಲ್ಲಿಸಲು ಏಪ್ರಿಲ್ 5 ಕೊನೆಯ ದಿನಾಂಕವಾಗಿದ್ದು, ಆಸಕ್ತ ಅಭ್ಯರ್ಥಿಗಳು ಅಕಾಡೆಮಿಯ ವೆಬ್‌ಸೈಟ್ http://karnatakasahithyaacademy.org ನಲ್ಲಿ ವಿವರಗಳನ್ನು ಪಡೆಯಬಹುದು ಎಂದು ಕರ್ನಾಟಕ ಸಾಹಿತ್ಯ ಅಕಾಡೆಮಿಯ ರಿಜಿಸ್ಟ್ರಾರ್ ಎನ್.ಕರಿಯಪ್ಪ ಅವರು ಪ್ರಕಟಣೆಯಲ್ಲಿ ತಿಳಿಸಿದ್ದಾರೆ.
ಬಾಬು ಜಗಜೀವನರಾಂ, ಅಂಬೇಡ್ಕರ್ ಜಯಂತಿ:
ಮಾ.26ಕ್ಕೆ ಪೂರ್ವಭಾವಿ ಸಭೆ
ಕೊಪ್ಪಳ: ಡಾ. ಬಾಬು ಜಗಜೀವನರಾಂ ಹಾಗೂ ಡಾ. ಬಿ.ಆರ್ ಅಂಬೇಡ್ಕರ್ ಅವರ ಜಯಂತಿ ಆಚರಣೆ ಕುರಿತು ಪೂರ್ವಭಾವಿ ಸಭೆಯನ್ನು ಮಾರ್ಚ್ 26 ರಂದು ಬೆಳಿಗ್ಗೆ 10.30 ಗಂಟೆಗೆ ಜಿಲ್ಲಾಧಿಕಾರಿಗಳ ಕಚೇರಿ ಸಭಾಂಗಣದಲ್ಲಿ ಆಯೋಜಿಸಲಾಗಿದೆ. ಏಪ್ರಿಲ್ 05 ರಂದು ಹಸಿರು ಕ್ರಾಂತಿಯ ಹರಿಕಾರ ಡಾ ಬಾಬು ಜಗಜೀವನರಾಂ ರವರ 118ನೇ ಹಾಗೂ ಏಪ್ರಿಲ್ 14 ರಂದು ಸಂವಿಧಾನ ಶಿಲ್ಪಿ ಡಾ ಬಿ.ಆರ್ ಅಂಬೇಡ್ಕರ್ ರವರ 134ನೇ ಜನ್ಮದಿನಾಚರಣೆ ಜಿಲ್ಲಾಡಳಿತದಿಂದ ಆಚರಿಸಲಾಗುವುದು. ಈ ಸಭೆಗೆ ಜಿಲ್ಲೆಯ ಎಲ್ಲಾ ದಲಿತ ಪರ ಸಂಘಟನೆಗಳು, ಸಮುದಾಯದ ಮುಖಂಡರು ಹಾಗೂ ಸಾರ್ವಜನಿಕರು ಹಾಜರಾಗಿ ಸೂಕ್ತ ಸಲಹೆ ಸೂಚನೆಗಳನ್ನು ನೀಡಬೇಕೆಂದು ಕೊಪ್ಪಳ ಸಮಾಜ ಕಲ್ಯಾಣ ಇಲಾಖೆ ಉಪನಿರ್ದೇಶಕರು ಪ್ರಕಟಣೆಯಲ್ಲಿ ತಿಳಿಸಿದ್ದಾರೆ.
'ಶ್ರೇಷ್ಠ ಕೃಷಿಕ-ಸಮಗ್ರ ಕೃಷಿ ಪದ್ಧತಿ'
ಪ್ರಶಸ್ತಿಗೆ ಅರ್ಜಿ ಆಹ್ವಾನ
ಕೊಪ್ಪಳ : ಜಂಟಿ ಕೃಷಿ ನಿರ್ದೇಶಕರು, ಅಲುಮನಿ ಅಸೋಸಿಯೇಷನ್, ಕೃಷಿ ವಿಶ್ವವಿದ್ಯಾಲಯ, ಹೆಬ್ಬಾಳ, ಬೆಂಗಳೂರು ಇವರ ಸಹಯೋಗದಲ್ಲಿ ರಾಜ್ಯದ ಅರ್ಹ ರೈತರಿಂದ 'ಸಮಗ್ರ ಕೃಷಿ ಪದ್ಧತಿ' ವಿಷಯದಲ್ಲಿ ಶ್ರೇಷ್ಠ ಕೃಷಿಕ ಪ್ರಶಸ್ತಿ 2024-25ನೇ ಸಾಲಿಗೆ ಅರ್ಜಿ ಆಹ್ವಾನಿಸಲಾಗಿದೆ. ಪ್ರಶಸ್ತಿಯು ರೂ. 25000 ನಗದು, ಪ್ರಮಾಣ ಪತ್ರ ಮತ್ತು ಸ್ಮರಣಿಕೆ ಒಳಗೊಂಡಿರುತ್ತದೆ. ಸಮಗ್ರ ಕೃಷಿ ಪದ್ಧತಿಯಲ್ಲಿ ಸಾಧನೆ ಮಾಡಿದ ರೈತರು ತಮ್ಮ ಸಾಧನೆಯ ವಿವರಗಳೊಂದಿಗೆ ಅರ್ಜಿಯನ್ನು ಭರ್ತಿ ಮಾಡಿ ಮಾರ್ಚ್ 26 ರೊಳಗಾಗಿ 'ದಿ ಸೆಕ್ರೆಟರಿ, ಅಲುಮನಿ ಅಸೋಸಿಯೇಷನ್ ಯುಎಎಸ್ ಕನ್ವೆನ್ಷನ್ ಸೆಂಟರ್, ಹೆಬ್ಬಾಳ, ಬೆಂಗಳೂರು-560024' ಈ ವಿಳಾಸಕ್ಕೆ ಸಲ್ಲಿಸಬೇಕು. ಅರ್ಜಿ ನಮೂನೆಗಾಗಿ ಸಮೀಪದ ರೈತ ಸಂಪರ್ಕ ಕೇಂದ್ರ ಅಥವಾ ಸಹಾಯಕ ಕೃಷಿ ನಿರ್ದೇಶಕರ ಕಚೇರಿಗೆ ಸಂಪರ್ಕಿಸಬಹುದಾಗಿದೆ ಎಂದು ಕೊಪ್ಪಳ ಜಂಟಿ ಕೃಷಿ ನಿರ್ದೇಶಕರು ಪ್ರಕಟಣೆಯಲ್ಲಿ ತಿಳಿಸಿದ್ದಾರೆ.
ಹೆಂಡತಿಯನ್ನು ಕೊಲೆಗೈದ
ಆರೋಪಿಗೆ ಜೀವಾವಧಿ ಶಿಕ್ಷೆ
ಕೊಪ್ಪಳ: ವಡಗೇರಿ ಗ್ರಾಮದ ಅಪರಾಧಿ ಬಸವರಾಜ ತಂದೆ ಹನುಮಪ್ಪ ಮಕ್ಕಳ್ಳಿ ಎಂಬಾತ ತನ್ನ ಹೆಂಡತಿಯಾದ ಅಂಬವ್ವ @ ಕಲ್ಲವ್ವ ಇವಳ ಶೀಲದ ಮೇಲೆ ಸಂಶಯಪಟ್ಟು ಮನೆಯಲ್ಲಿದ್ದ ಕೊಡಲಿಯಿಂದ ಕುತ್ತಿಗೆಗೆ ಹಾಗೂ ಇತರ ಕಡೆಗೆ ಹೊಡೆದು ಕೊಲೆ ಮಾಡಿದ ಅಪರಾಧ ಸಾಬೀತಾಗಿದ್ದರಿಂದ ಆರೋಪಿಗೆ ಜೀವಾವಧಿ ಶಿಕ್ಷೆ ವಿಧಿಸಿ ಕೊಪ್ಪಳ ಜಿಲ್ಲಾ ಮತ್ತು ಸತ್ರ ನ್ಯಾಯಾಲಯದ ಪ್ರಧಾನ ಜಿಲ್ಲಾ ಮತ್ತು ಸತ್ರ ನ್ಯಾಯಾಧೀಶರು ಈ ಅಪರಾಧಿಗೆ ಜೀವಾವಧಿ ಶಿಕ್ಷೆ ಹಾಗೂ ರೂ. 50,000 ದಂಡ ವಿಧಿಸಿರುತ್ತಾರೆ. ಬೇವೂರು ಪೊಲೀಸ್ ಠಾಣೆ ವ್ಯಾಪ್ತಿಯ ವಡಗೇರಿ ಗ್ರಾಮದ ಆರೋಪಿ ಬಸವರಾಜ ತಂದೆ ಹನುಮಪ್ಪ ಮಕ್ಕಳ್ಳಿ ಈತನು ತನ್ನ ಹೆಂಡತಿ ಅಂಬವ್ವ @ ಕಲ್ಲವ್ವ ಇವಳ ಶೀಲದ ಮೇಲೆ ಸಂಶಯಪಡುತ್ತಾ ಆಗಾಗ್ಗೆ ಅವಳ ಜೊತೆ ಜಗಳ ಮಾಡುತ್ತಾ ಬಂದಿದ್ದು, ದಿನಾಂಕ: 13.09.2017 ರಂದು ರಾತ್ರಿ ಮಲಗಿದ್ದಾಗ ತನ್ನ ಮನೆಯಲ್ಲಿದ್ದ ಕೊಡಲಿಯಿಂದ ಕುತ್ತಿಗೆಗೆ, ತಲೆಗೆ ಮತ್ತು ಇತರೆ ಕಡೆಗೆ ಹೊಡೆದು ಕೊಲೆ ಮಾಡಿರುತ್ತಾನೆ. ಈ ಬಗ್ಗೆ ಬೇವೂರು ಪೊಲೀಸ್ ಠಾಣೆ ಗುನ್ನೆ ನಂ. 143/2017, ಕಲಂ: 498(ಎ), 302 ಐಪಿಸಿ ಅಡಿಯಲ್ಲಿ ಪ್ರಕರಣ ದಾಖಲಾಗಿದ್ದು, ಆಗಿನ ಸಿಪಿಐ ಅವರು ತನಿಖೆ ಕೈಗೊಂಡು ಆರೋಪಿತನ ವಿರುದ್ಧ ದೋಷಾರೋಪಣ ಪತ್ರವನ್ನು ಸಲ್ಲಿಸಿದ್ದರು. ಪ್ರಕರಣದ ವಿಚಾರಣೆ ನಡೆಸಿದ ನ್ಯಾಯಾಧೀಶರು ಆರೋಪಿಯ ವಿರುದ್ಧ ಆರೋಪ ಸಾಬೀತಾಗಿದ್ದರಿಂದ ಮಾ.18-03-2025 ರಂದು ಆರೋಪಿಗೆ ಜೀವಾವಧಿ ಶಿಕ್ಷೆ ಹಾಗೂ ರೂ. 50,000 ದಂಡ ವಿಧಿಸಿ ತೀರ್ಪು ನೀಡಿರುತ್ತಾರೆ. ಸರ್ಕಾರದ ಪರವಾಗಿ ಸರ್ಕಾರಿ ಅಭಿಯೋಜಕರಾದ ಅಂಬಣ್ಣ ಟಿ. ಮತ್ತು ಸರ್ಕಾರಿ ಅಭಿಯೋಜಕರು ವಾದ ಮಂಡಿಸಿದ್ದರು ಎಂದು ಪ್ರಧಾನ ಸರ್ಕಾರಿ ಅಭಿಯೋಜಕರ ಕಾರ್ಯಾಲಯ ಪ್ರಕಟಣೆಯಲ್ಲಿ ತಿಳಿಸಿದೆ.
